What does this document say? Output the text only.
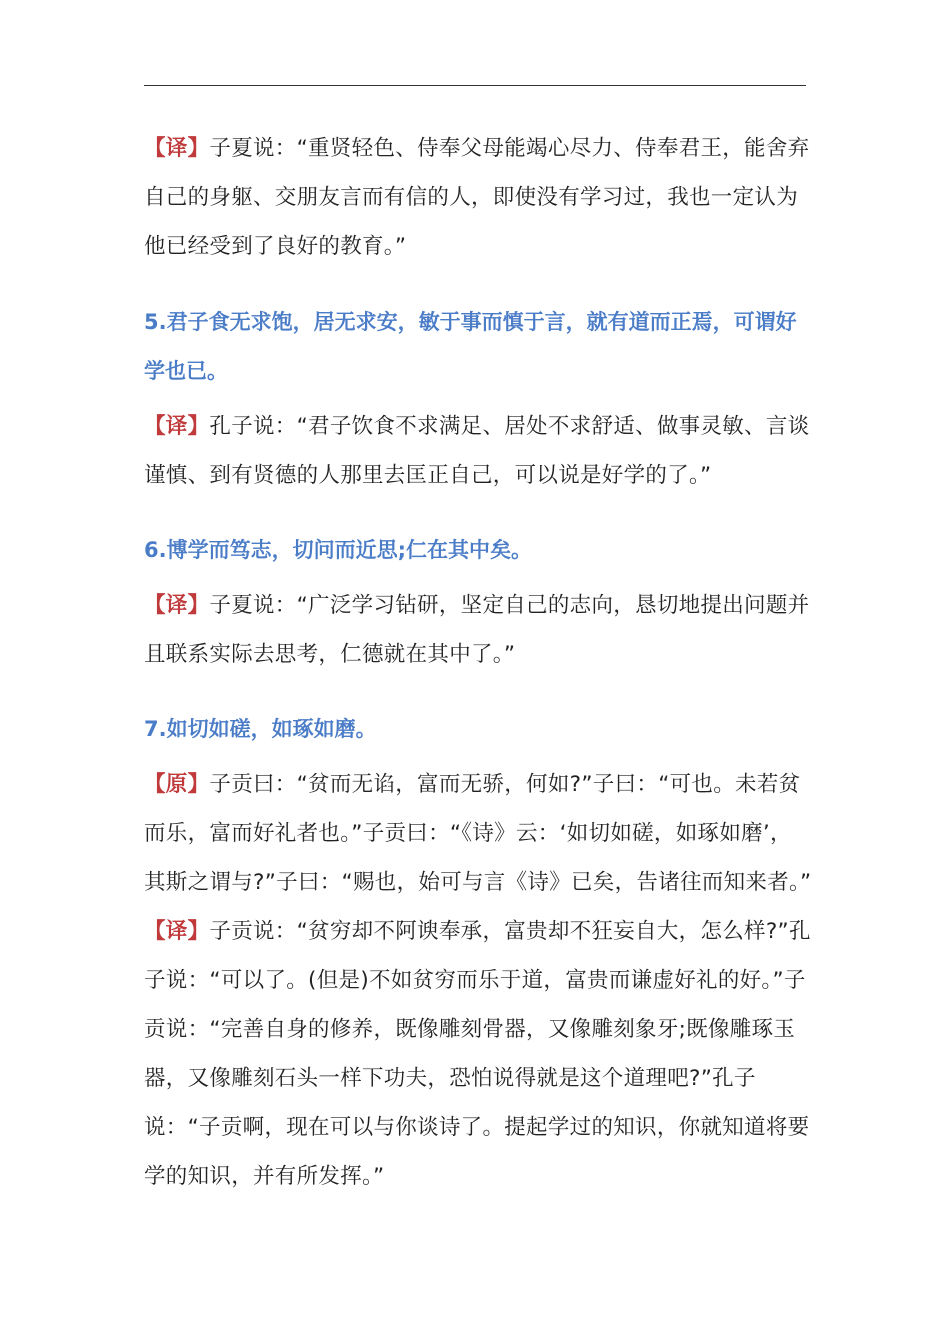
【译】子夏说：“重贤轻色、侍奉父母能竭心尽力、侍奉君王，能舍弃自己的身躯、交朋友言而有信的人，即使没有学习过，我也一定认为他已经受到了良好的教育。”

5.君子食无求饱，居无求安，敏于事而慎于言，就有道而正焉，可谓好学也已。

【译】孔子说：“君子饮食不求满足、居处不求舒适、做事灵敏、言谈谨慎、到有贤德的人那里去匡正自己，可以说是好学的了。”

6.博学而笃志，切问而近思;仁在其中矣。

【译】子夏说：“广泛学习钻研，坚定自己的志向，恳切地提出问题并且联系实际去思考，仁德就在其中了。”

7.如切如磋，如琢如磨。

【原】子贡曰：“贫而无谄，富而无骄，何如?”子曰：“可也。未若贫而乐，富而好礼者也。”子贡曰：“《诗》云：‘如切如磋，如琢如磨’，其斯之谓与?”子曰：“赐也，始可与言《诗》已矣，告诸往而知来者。”

【译】子贡说：“贫穷却不阿谀奉承，富贵却不狂妄自大，怎么样?”孔子说：“可以了。(但是)不如贫穷而乐于道，富贵而谦虚好礼的好。”子贡说：“完善自身的修养，既像雕刻骨器，又像雕刻象牙;既像雕琢玉器，又像雕刻石头一样下功夫，恐怕说得就是这个道理吧?”孔子说：“子贡啊，现在可以与你谈诗了。提起学过的知识，你就知道将要学的知识，并有所发挥。”
